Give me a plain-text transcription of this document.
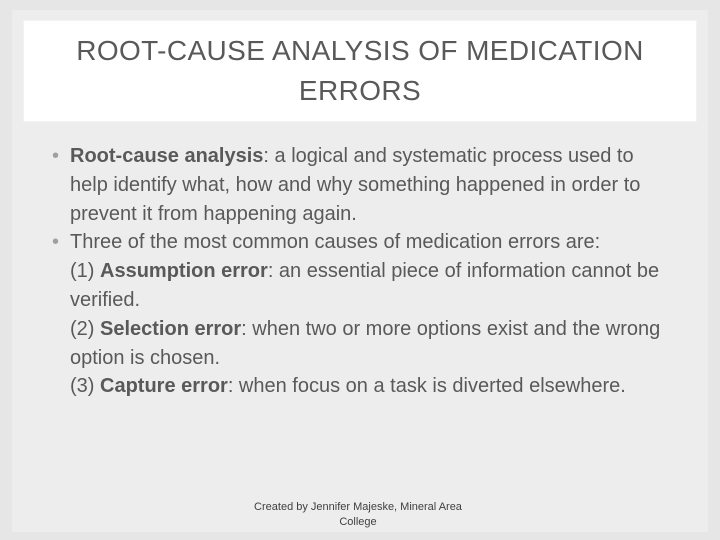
ROOT-CAUSE ANALYSIS OF MEDICATION ERRORS
• Root-cause analysis: a logical and systematic process used to help identify what, how and why something happened in order to prevent it from happening again.
• Three of the most common causes of medication errors are:
(1) Assumption error: an essential piece of information cannot be verified.
(2) Selection error: when two or more options exist and the wrong option is chosen.
(3) Capture error: when focus on a task is diverted elsewhere.
Created by Jennifer Majeske, Mineral Area College
